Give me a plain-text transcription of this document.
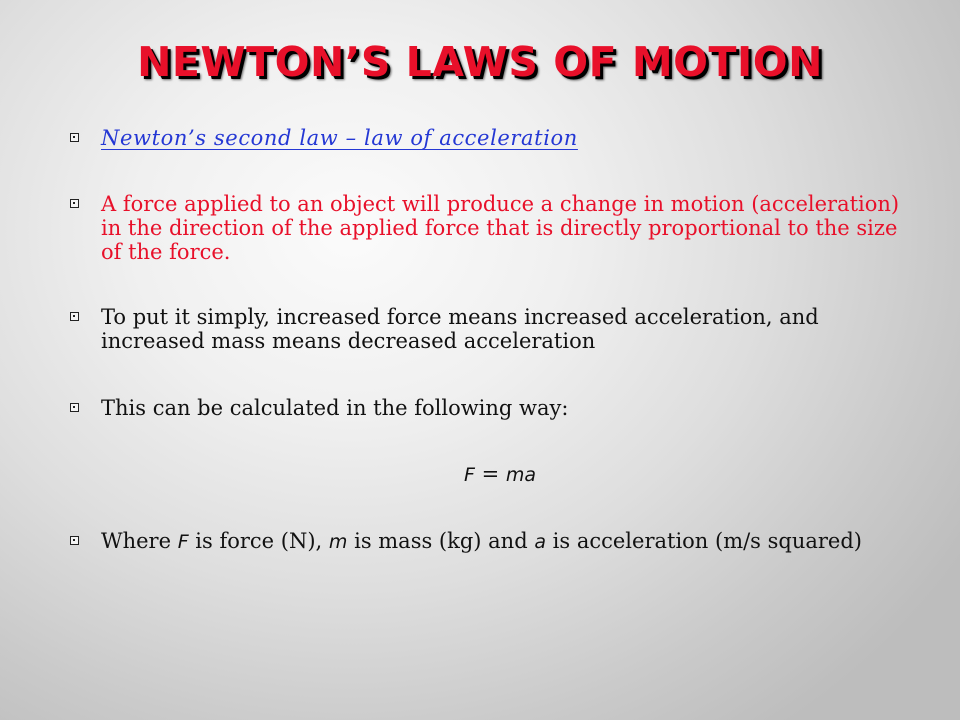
NEWTON’S LAWS OF MOTION
Newton’s second law – law of acceleration
A force applied to an object will produce a change in motion (acceleration) in the direction of the applied force that is directly proportional to the size of the force.
To put it simply, increased force means increased acceleration, and increased mass means decreased acceleration
This can be calculated in the following way:
F = ma
Where F is force (N), m is mass (kg) and a is acceleration (m/s squared)
